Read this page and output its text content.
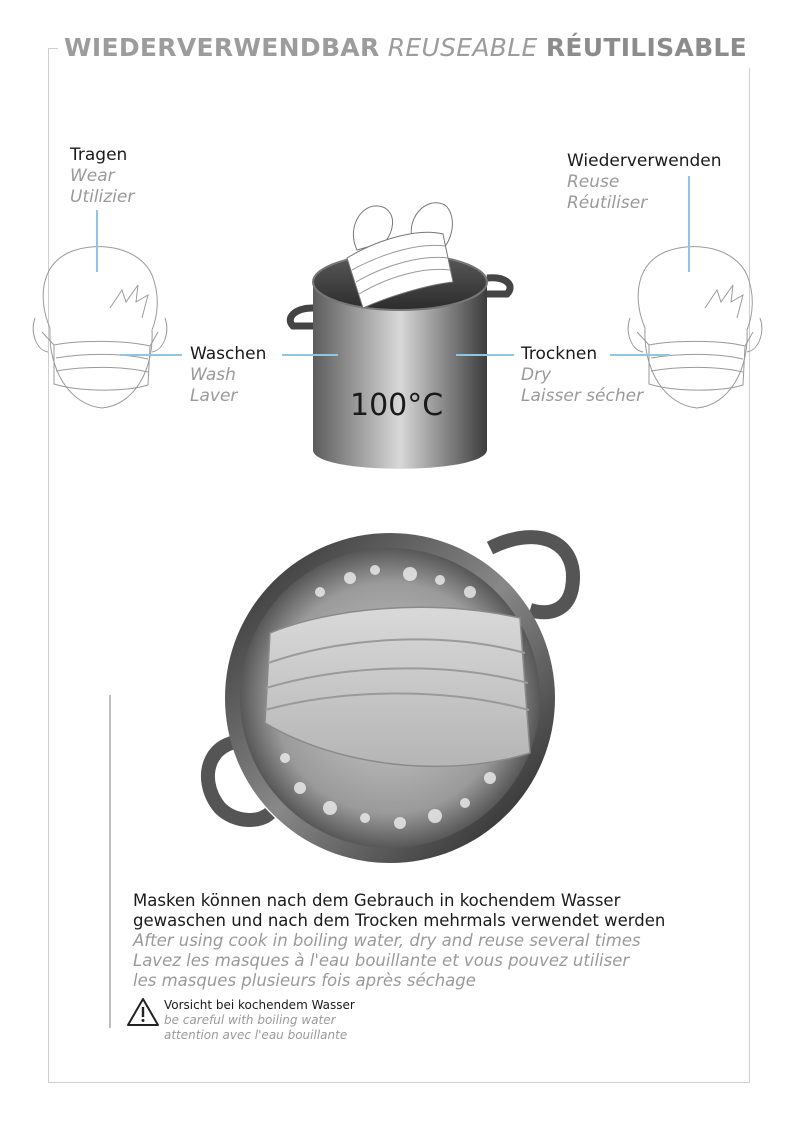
WIEDERVERWENDBAR REUSEABLE RÉUTILISABLE
100°C
Tragen
Wear
Utilizier
Waschen
Wash
Laver
Trocknen
Dry
Laisser sécher
Wiederverwenden
Reuse
Réutiliser

Masken können nach dem Gebrauch in kochendem Wasser

gewaschen und nach dem Trocken mehrmals verwendet werden

After using cook in boiling water, dry and reuse several times

Lavez les masques à l'eau bouillante et vous pouvez utiliser

les masques plusieurs fois après séchage

Vorsicht bei kochendem Wasser
be careful with boiling water
attention avec l'eau bouillante
